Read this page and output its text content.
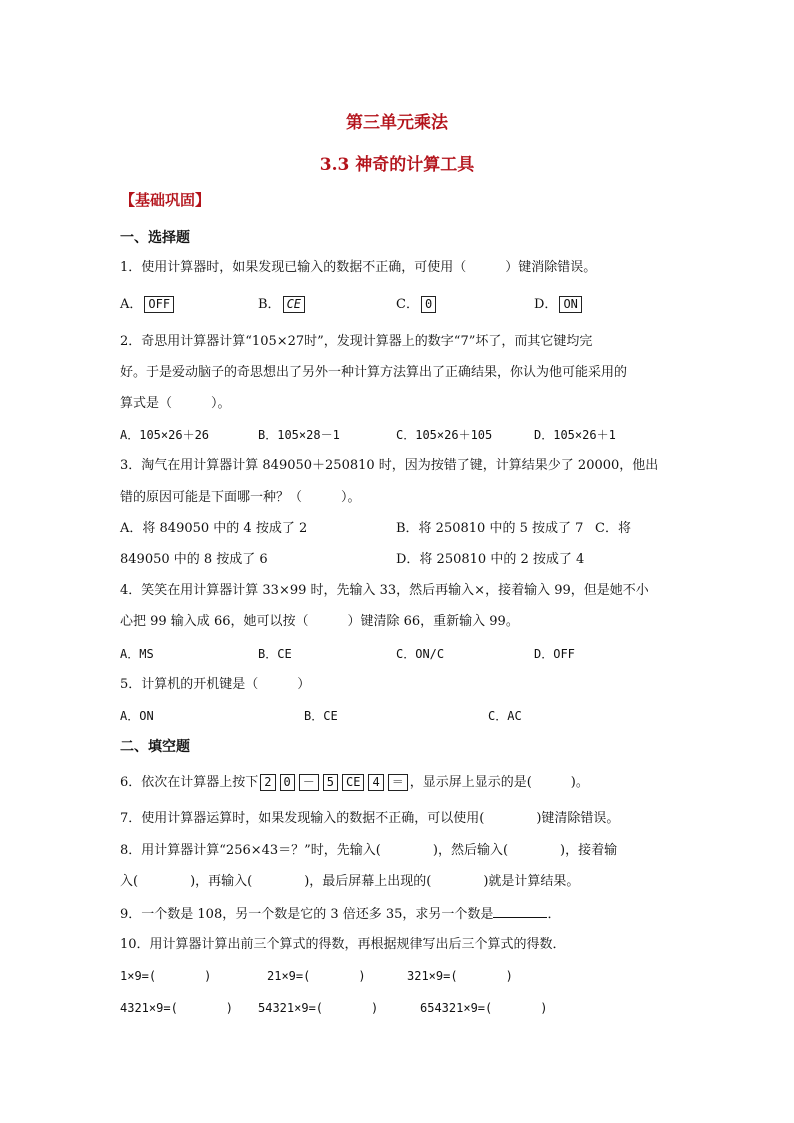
第三单元乘法
3.3 神奇的计算工具
【基础巩固】
一、选择题
1．使用计算器时，如果发现已输入的数据不正确，可使用（　　　）键消除错误。
A． OFF	B． CE	C． 0	D． ON
2．奇思用计算器计算“105×27时”，发现计算器上的数字“7”坏了，而其它键均完
好。于是爱动脑子的奇思想出了另外一种计算方法算出了正确结果，你认为他可能采用的
算式是（　　　）。
A．105×26＋26	B．105×28－1	C．105×26＋105	D．105×26＋1
3．淘气在用计算器计算 849050＋250810 时，因为按错了键，计算结果少了 20000，他出
错的原因可能是下面哪一种？（　　　）。
A．将 849050 中的 4 按成了 2	B．将 250810 中的 5 按成了 7 C．将
849050 中的 8 按成了 6	D．将 250810 中的 2 按成了 4
4．笑笑在用计算器计算 33×99 时，先输入 33，然后再输入×，接着输入 99，但是她不小
心把 99 输入成 66，她可以按（　　　）键清除 66，重新输入 99。
A．MS	B．CE	C．ON/C	D．OFF
5．计算机的开机键是（　　　）
A．ON	B．CE	C．AC
二、填空题
6．依次在计算器上按下 2 0 － 5 CE 4 ＝ ，显示屏上显示的是(　　　)。
7．使用计算器运算时，如果发现输入的数据不正确，可以使用(　　　　)键清除错误。
8．用计算器计算“256×43＝？”时，先输入(　　　　)，然后输入(　　　　)，接着输
入(　　　　)，再输入(　　　　)，最后屏幕上出现的(　　　　)就是计算结果。
9．一个数是 108，另一个数是它的 3 倍还多 35，求另一个数是	．
10．用计算器计算出前三个算式的得数，再根据规律写出后三个算式的得数．
1×9=(　　　　)	21×9=(　　　　)	321×9=(　　　　)
4321×9=(　　　　) 54321×9=(　　　　)	654321×9=(　　　　)
